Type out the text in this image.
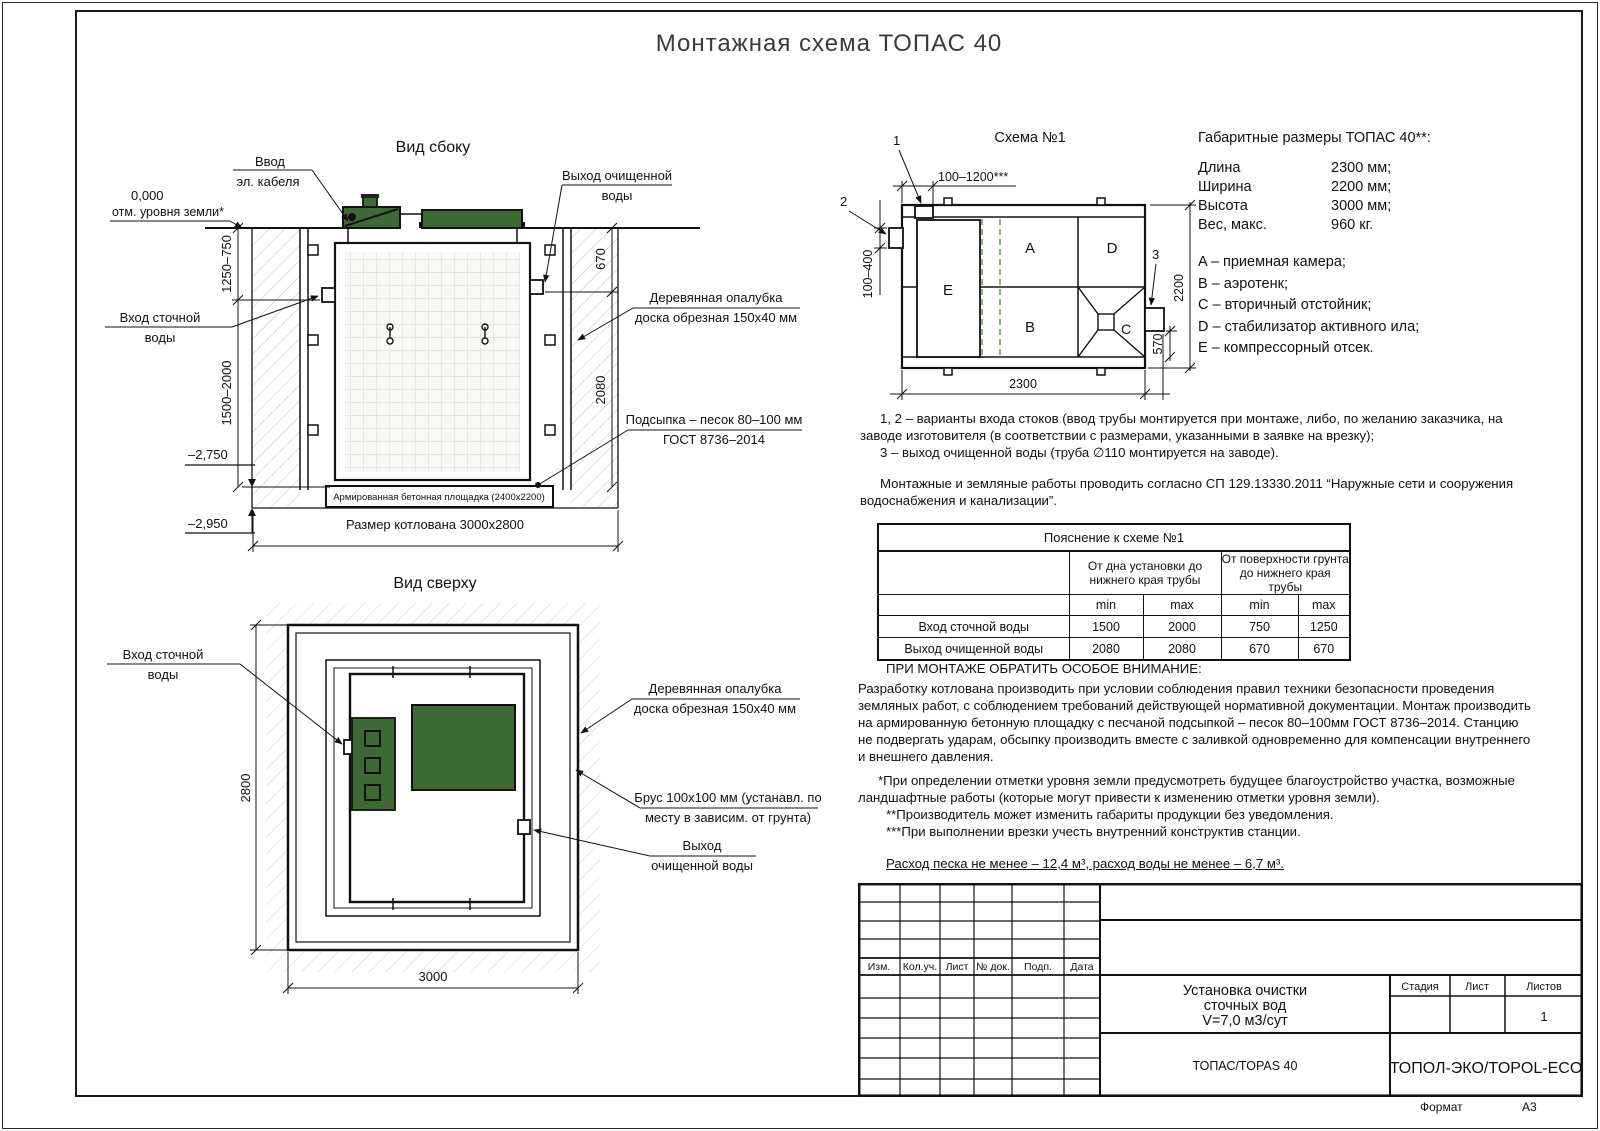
Монтажная схема ТОПАС 40
Вид сбоку
Армированная бетонная площадка (2400х2200)
1250–750
1500–2000
670
2080
–2,750
–2,950
Ввод
эл. кабеля
0,000
отм. уровня земли*
Выход очищенной
воды
Вход сточной
воды
Деревянная опалубка
доска обрезная 150х40 мм
Подсыпка – песок 80–100 мм
ГОСТ 8736–2014
Размер котлована 3000х2800
Вид сверху
2800
3000
Вход сточной
воды
Деревянная опалубка
доска обрезная 150х40 мм
Брус 100х100 мм (устанавл. по
месту в зависим. от грунта)
Выход
очищенной воды
Схема №1
A
B	C
D
E
1
2
3
100–1200***
100–400	2200
570
2300
Габаритные размеры ТОПАС 40**:
Длина	2300 мм;
Ширина	2200 мм;
Высота	3000 мм;
Вес, макс.	960 кг.
A – приемная камера;
B – аэротенк;
C – вторичный отстойник;
D – стабилизатор активного ила;
E – компрессорный отсек.

1, 2 – варианты входа стоков (ввод трубы монтируется при монтаже, либо, по желанию заказчика, на заводе изготовителя (в соответствии с размерами, указанными в заявке на врезку);

3 – выход очищенной воды (труба ∅110 монтируется на заводе).

Монтажные и земляные работы проводить согласно СП 129.13330.2011 “Наружные сети и сооружения водоснабжения и канализации”.

Пояснение к схеме №1				
	От дна установки до нижнего края трубы		От поверхности грунта до нижнего края трубы	
	min	max	min	max
Вход сточной воды	1500	2000	750	1250
Выход очищенной воды	2080	2080	670	670

ПРИ МОНТАЖЕ ОБРАТИТЬ ОСОБОЕ ВНИМАНИЕ:

Разработку котлована производить при условии соблюдения правил техники безопасности проведения земляных работ, с соблюдением требований действующей нормативной документации. Монтаж производить на армированную бетонную площадку с песчаной подсыпкой – песок 80–100мм ГОСТ 8736–2014. Станцию не подвергать ударам, обсыпку производить вместе с заливкой одновременно для компенсации внутреннего и внешнего давления.

*При определении отметки уровня земли предусмотреть будущее благоустройство участка, возможные ландшафтные работы (которые могут привести к изменению отметки уровня земли).

**Производитель может изменить габариты продукции без уведомления.

***При выполнении врезки учесть внутренний конструктив станции.

Расход песка не менее – 12,4 м³, расход воды не менее – 6,7 м³.

Изм. Кол.уч. Лист № док. Подп. Дата
Установка очистки
сточных вод
V=7,0 м3/сут
Стадия Лист	Листов
1
ТОПАС/TOPAS 40	ТОПОЛ-ЭКО/TOPOL-ECO
Формат	А3
